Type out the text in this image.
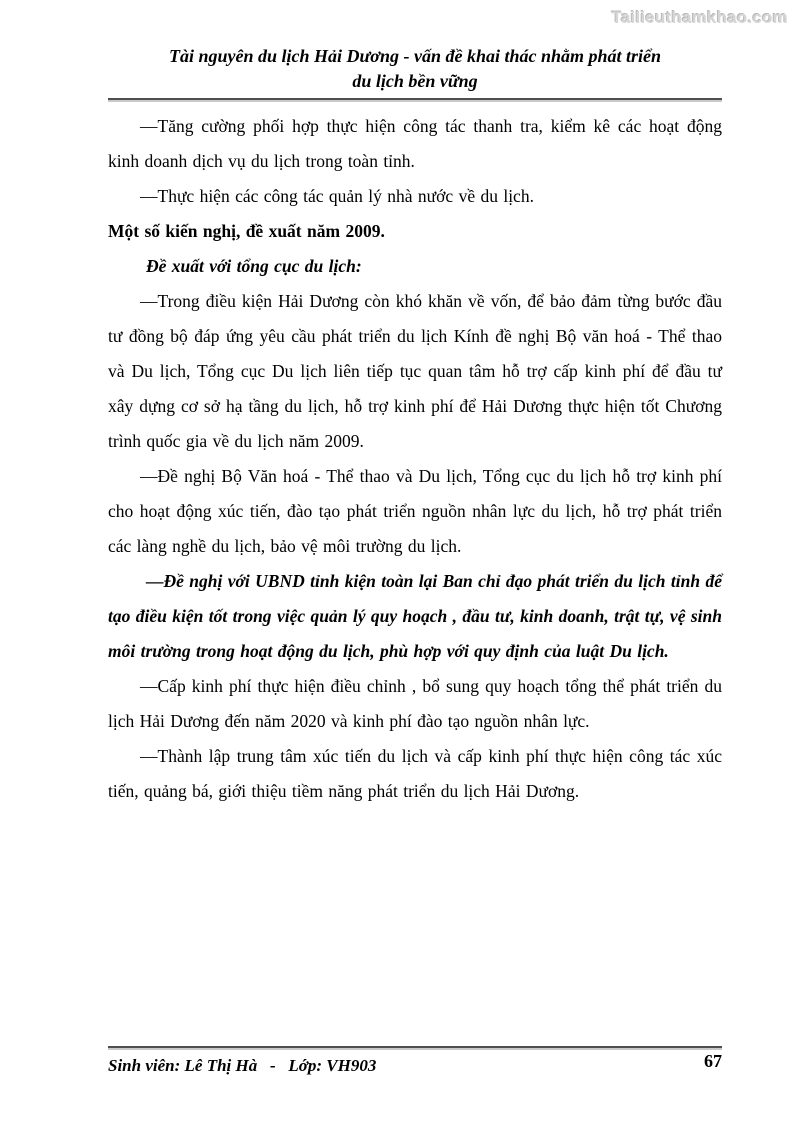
Tailieuthamkhao.com
Tài nguyên du lịch Hải Dương - vấn đề khai thác nhằm phát triển
du lịch bền vững

—Tăng cường phối hợp thực hiện công tác thanh tra, kiểm kê các hoạt động kinh doanh dịch vụ du lịch trong toàn tỉnh.

—Thực hiện các công tác quản lý nhà nước về du lịch.

Một số kiến nghị, đề xuất năm 2009.

Đề xuất với tổng cục du lịch:

—Trong điều kiện Hải Dương còn khó khăn về vốn, để bảo đảm từng bước đầu tư đồng bộ đáp ứng yêu cầu phát triển du lịch Kính đề nghị Bộ văn hoá - Thể thao và Du lịch, Tổng cục Du lịch liên tiếp tục quan tâm hỗ trợ cấp kinh phí để đầu tư xây dựng cơ sở hạ tầng du lịch, hỗ trợ kinh phí để Hải Dương thực hiện tốt Chương trình quốc gia về du lịch năm 2009.

—Đề nghị Bộ Văn hoá - Thể thao và Du lịch, Tổng cục du lịch hỗ trợ kinh phí cho hoạt động xúc tiến, đào tạo phát triển nguồn nhân lực du lịch, hỗ trợ phát triển các làng nghề du lịch, bảo vệ môi trường du lịch.

—Đề nghị với UBND tỉnh kiện toàn lại Ban chỉ đạo phát triển du lịch tỉnh để tạo điều kiện tốt trong việc quản lý quy hoạch , đầu tư, kinh doanh, trật tự, vệ sinh môi trường trong hoạt động du lịch, phù hợp với quy định của luật Du lịch.

—Cấp kinh phí thực hiện điều chỉnh , bổ sung quy hoạch tổng thể phát triển du lịch Hải Dương đến năm 2020 và kinh phí đào tạo nguồn nhân lực.

—Thành lập trung tâm xúc tiến du lịch và cấp kinh phí thực hiện công tác xúc tiến, quảng bá, giới thiệu tiềm năng phát triển du lịch Hải Dương.

Sinh viên: Lê Thị Hà   -   Lớp: VH903	67
